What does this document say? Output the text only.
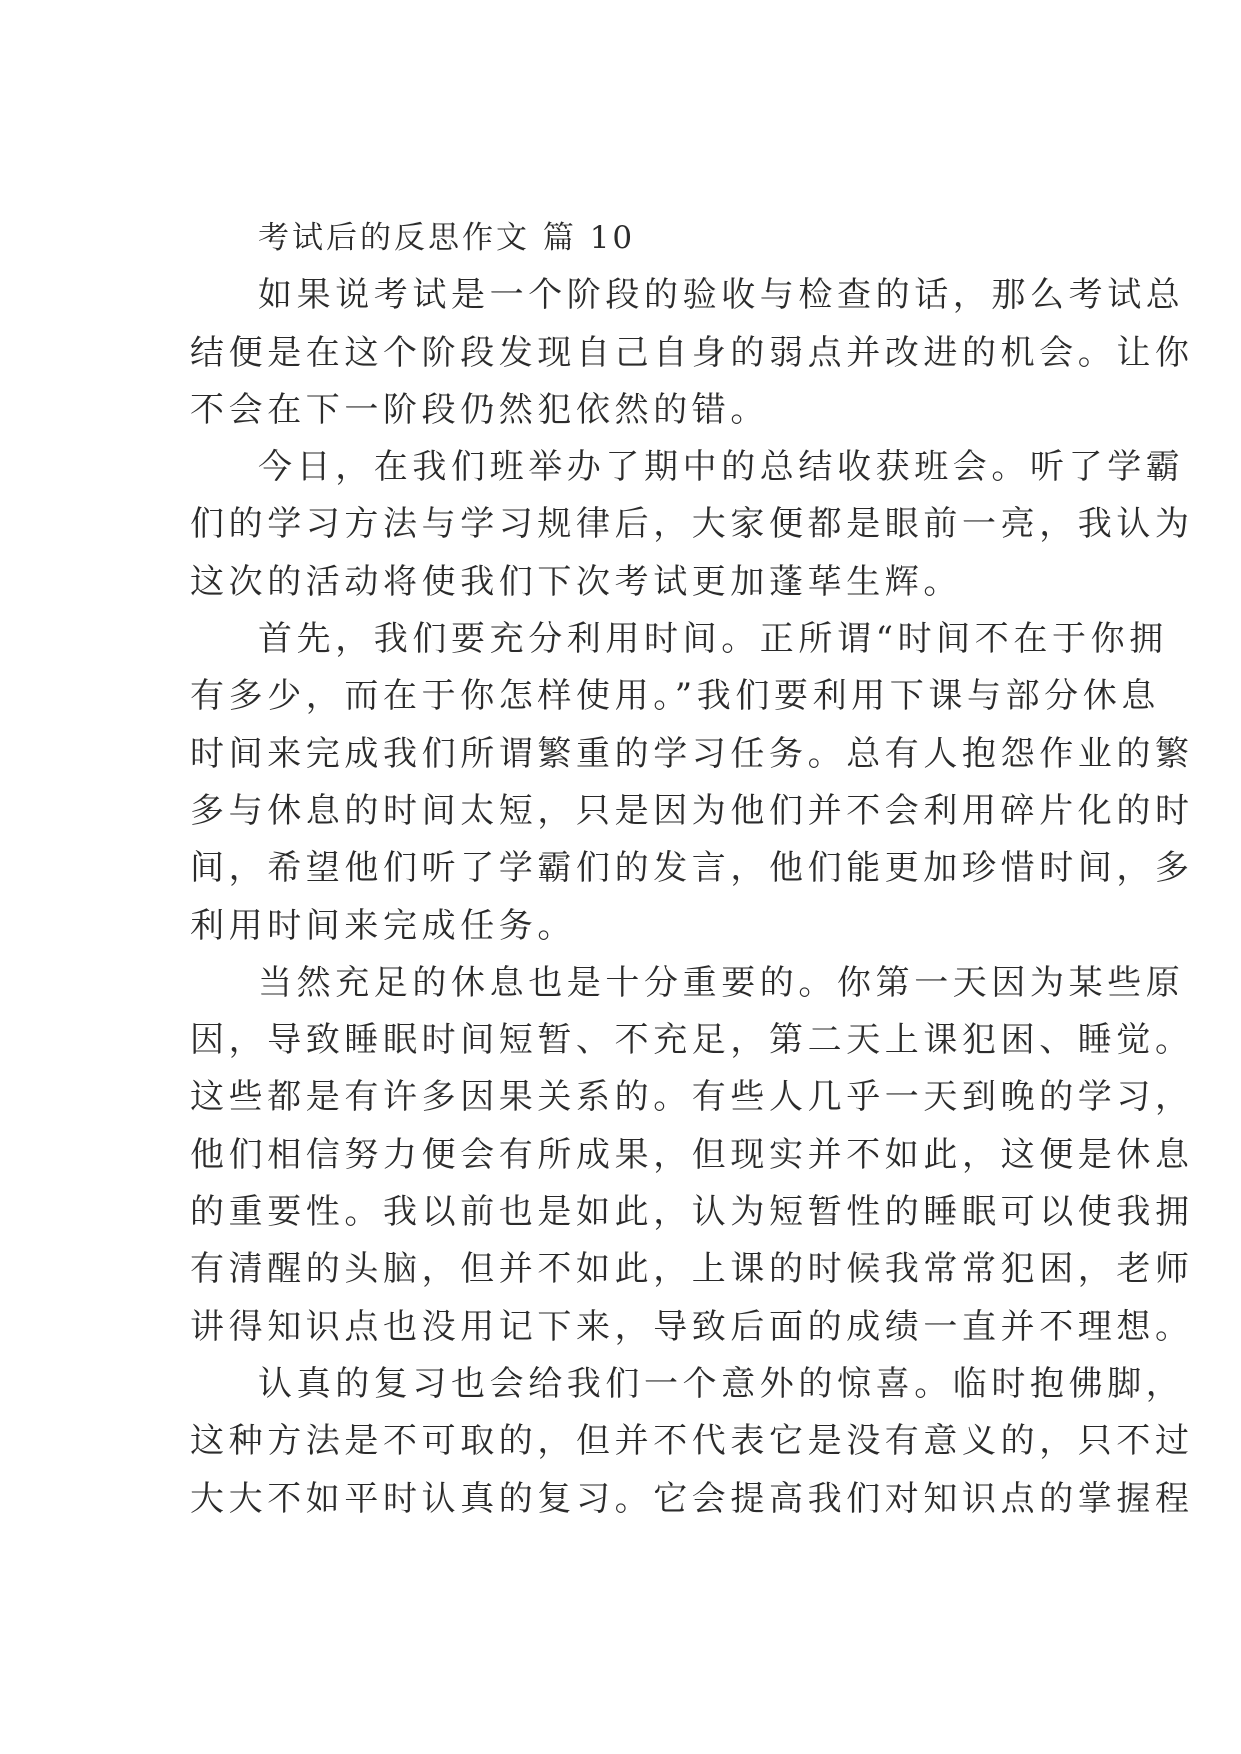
考试后的反思作文 篇 10
如果说考试是一个阶段的验收与检查的话，那么考试总
结便是在这个阶段发现自己自身的弱点并改进的机会。让你
不会在下一阶段仍然犯依然的错。
今日，在我们班举办了期中的总结收获班会。听了学霸
们的学习方法与学习规律后，大家便都是眼前一亮，我认为
这次的活动将使我们下次考试更加蓬荜生辉。
首先，我们要充分利用时间。正所谓“时间不在于你拥
有多少，而在于你怎样使用。”我们要利用下课与部分休息
时间来完成我们所谓繁重的学习任务。总有人抱怨作业的繁
多与休息的时间太短，只是因为他们并不会利用碎片化的时
间，希望他们听了学霸们的发言，他们能更加珍惜时间，多
利用时间来完成任务。
当然充足的休息也是十分重要的。你第一天因为某些原
因，导致睡眠时间短暂、不充足，第二天上课犯困、睡觉。
这些都是有许多因果关系的。有些人几乎一天到晚的学习，
他们相信努力便会有所成果，但现实并不如此，这便是休息
的重要性。我以前也是如此，认为短暂性的睡眠可以使我拥
有清醒的头脑，但并不如此，上课的时候我常常犯困，老师
讲得知识点也没用记下来，导致后面的成绩一直并不理想。
认真的复习也会给我们一个意外的惊喜。临时抱佛脚，
这种方法是不可取的，但并不代表它是没有意义的，只不过
大大不如平时认真的复习。它会提高我们对知识点的掌握程
